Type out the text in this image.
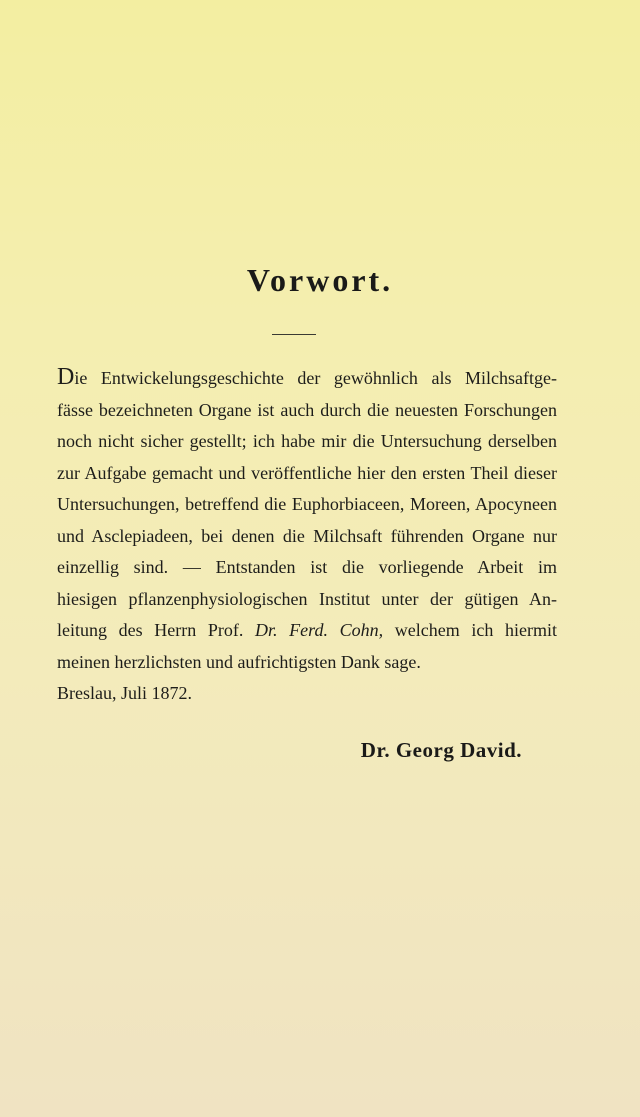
Vorwort.
Die Entwickelungsgeschichte der gewöhnlich als Milchsaftge-
fässe bezeichneten Organe ist auch durch die neuesten Forschungen
noch nicht sicher gestellt; ich habe mir die Untersuchung derselben
zur Aufgabe gemacht und veröffentliche hier den ersten Theil dieser
Untersuchungen, betreffend die Euphorbiaceen, Moreen, Apocyneen
und Asclepiadeen, bei denen die Milchsaft führenden Organe nur
einzellig sind. — Entstanden ist die vorliegende Arbeit im
hiesigen pflanzenphysiologischen Institut unter der gütigen An-
leitung des Herrn Prof. Dr. Ferd. Cohn, welchem ich hiermit
meinen herzlichsten und aufrichtigsten Dank sage.
Breslau, Juli 1872.
Dr. Georg David.
